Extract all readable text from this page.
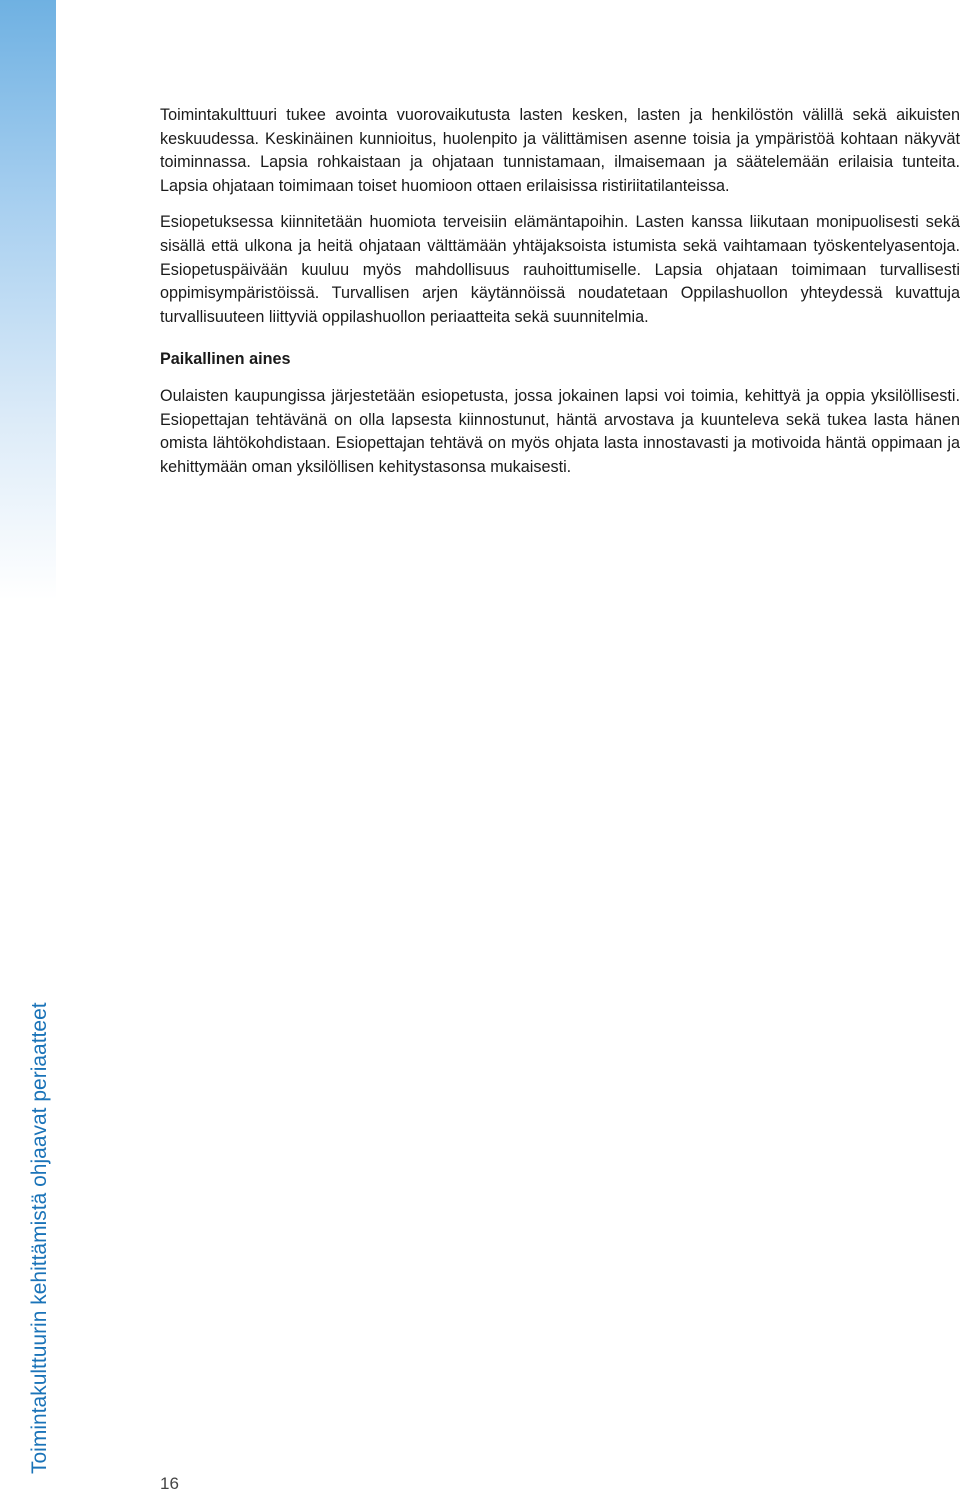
Toimintakulttuurin kehittämistä ohjaavat periaatteet

Toimintakulttuuri tukee avointa vuorovaikutusta lasten kesken, lasten ja henkilöstön välillä sekä aikuisten keskuudessa. Keskinäinen kunnioitus, huolenpito ja välittämisen asenne toisia ja ympäristöä kohtaan näkyvät toiminnassa. Lapsia rohkaistaan ja ohjataan tunnistamaan, ilmaisemaan ja säätelemään erilaisia tunteita. Lapsia ohjataan toimimaan toiset huomioon ottaen erilaisissa ristiriitatilanteissa.

Esiopetuksessa kiinnitetään huomiota terveisiin elämäntapoihin. Lasten kanssa liikutaan monipuolisesti sekä sisällä että ulkona ja heitä ohjataan välttämään yhtäjaksoista istumista sekä vaihtamaan työskentelyasentoja. Esiopetuspäivään kuuluu myös mahdollisuus rauhoittumiselle. Lapsia ohjataan toimimaan turvallisesti oppimisympäristöissä. Turvallisen arjen käytännöissä noudatetaan Oppilashuollon yhteydessä kuvattuja turvallisuuteen liittyviä oppilashuollon periaatteita sekä suunnitelmia.

Paikallinen aines

Oulaisten kaupungissa järjestetään esiopetusta, jossa jokainen lapsi voi toimia, kehittyä ja oppia yksilöllisesti. Esiopettajan tehtävänä on olla lapsesta kiinnostunut, häntä arvostava ja kuunteleva sekä tukea lasta hänen omista lähtökohdistaan. Esiopettajan tehtävä on myös ohjata lasta innostavasti ja motivoida häntä oppimaan ja kehittymään oman yksilöllisen kehitystasonsa mukaisesti.

16
